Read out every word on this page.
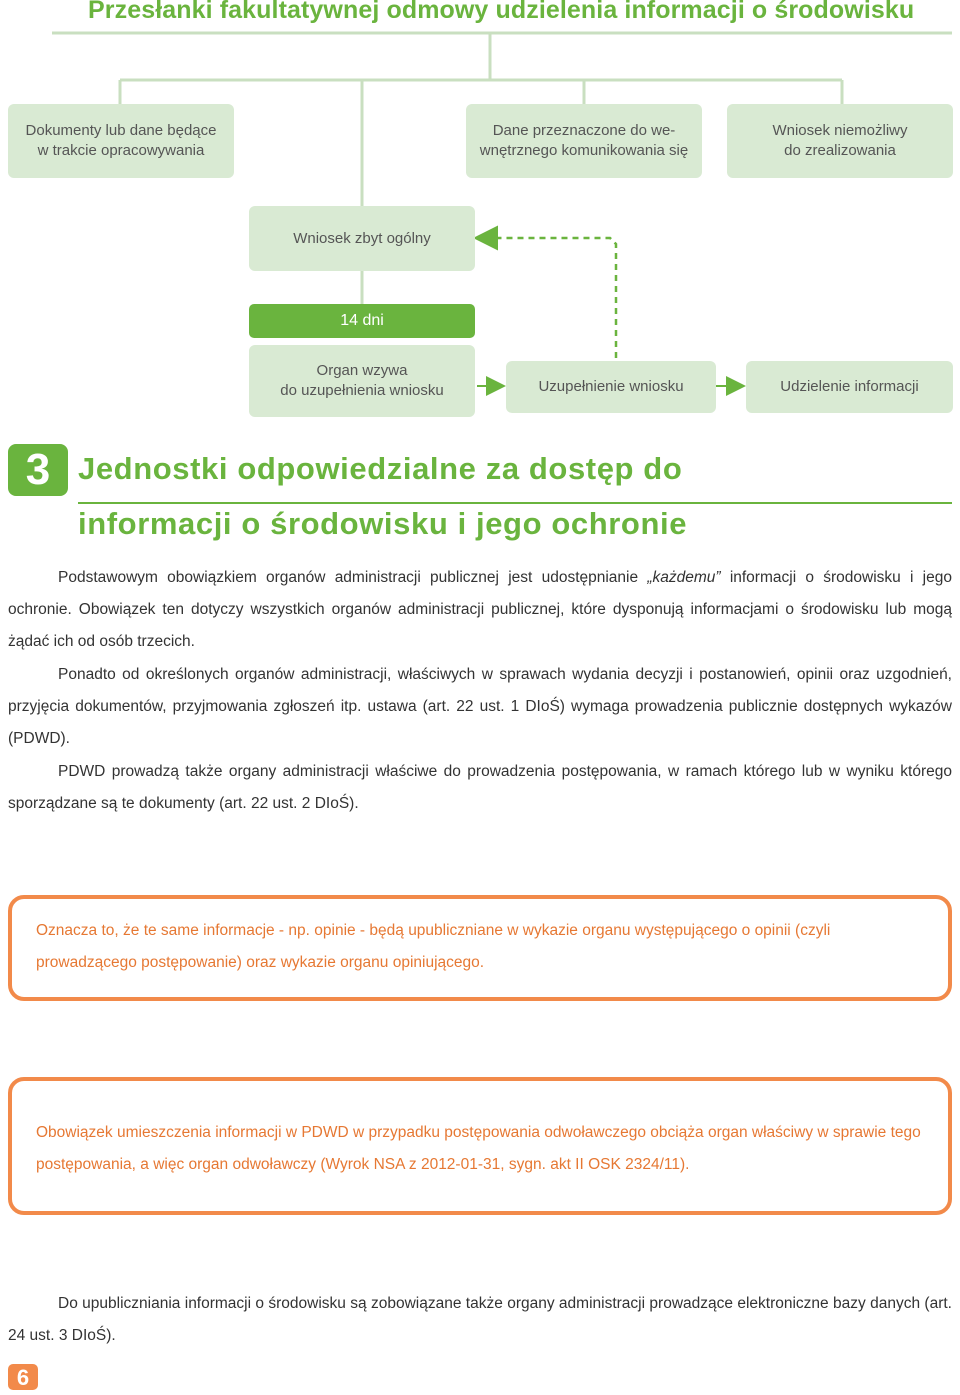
Przesłanki fakultatywnej odmowy udzielenia informacji o środowisku
Dokumenty lub dane będące
w trakcie opracowywania
Dane przeznaczone do we-
wnętrznego komunikowania się
Wniosek niemożliwy
do zrealizowania
Wniosek zbyt ogólny
14 dni
Organ wzywa
do uzupełnienia wniosku	Uzupełnienie wniosku	Udzielenie informacji
3 Jednostki odpowiedzialne za dostęp do
informacji o środowisku i jego ochronie
Podstawowym obowiązkiem organów administracji publicznej jest udostępnianie „każdemu” informacji o środowisku i jego ochronie. Obowiązek ten dotyczy wszystkich organów administracji publicznej, które dysponują informacjami o środowisku lub mogą żądać ich od osób trzecich.
Ponadto od określonych organów administracji, właściwych w sprawach wydania decyzji i postanowień, opinii oraz uzgodnień, przyjęcia dokumentów, przyjmowania zgłoszeń itp. ustawa (art. 22 ust. 1 DIoŚ) wymaga prowadzenia publicznie dostępnych wykazów (PDWD).
PDWD prowadzą także organy administracji właściwe do prowadzenia postępowania, w ramach którego lub w wyniku którego sporządzane są te dokumenty (art. 22 ust. 2 DIoŚ).
Oznacza to, że te same informacje - np. opinie - będą upubliczniane w wykazie organu występującego o opinii (czyli prowadzącego postępowanie) oraz wykazie organu opiniującego.
Obowiązek umieszczenia informacji w PDWD w przypadku postępowania odwoławczego obciąża organ właściwy w sprawie tego postępowania, a więc organ odwoławczy (Wyrok NSA z 2012-01-31, sygn. akt II OSK 2324/11).
Do upubliczniania informacji o środowisku są zobowiązane także organy administracji prowadzące elektroniczne bazy danych (art. 24 ust. 3 DIoŚ).
6
